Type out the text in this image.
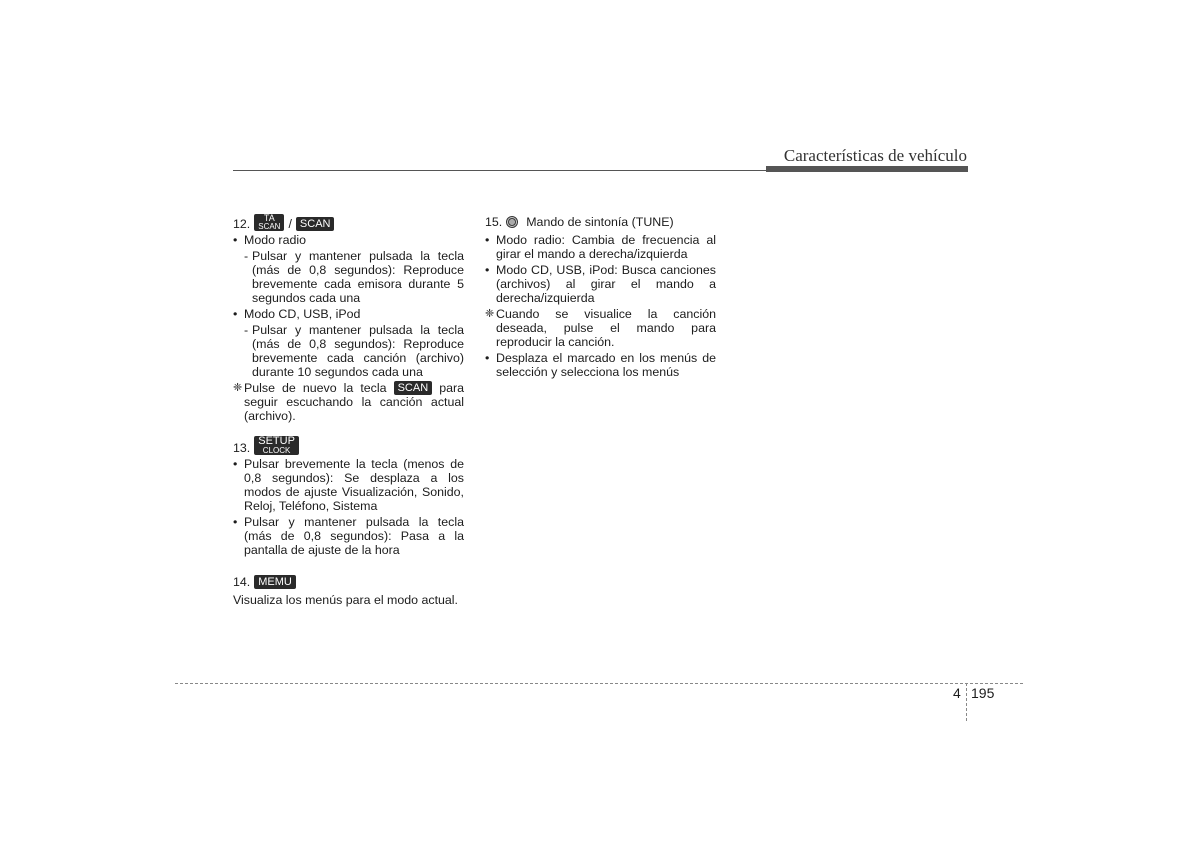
Características de vehículo
12.	TA
SCAN / SCAN
• Modo radio
- Pulsar y mantener pulsada la tecla (más de 0,8 segundos): Reproduce brevemente cada emisora durante 5 segundos cada una
• Modo CD, USB, iPod
- Pulsar y mantener pulsada la tecla (más de 0,8 segundos): Reproduce brevemente cada canción (archivo) durante 10 segundos cada una
❈ Pulse de nuevo la tecla SCAN para seguir escuchando la canción actual (archivo).
13. SETUP
CLOCK
• Pulsar brevemente la tecla (menos de 0,8 segundos): Se desplaza a los modos de ajuste Visualización, Sonido, Reloj, Teléfono, Sistema
• Pulsar y mantener pulsada la tecla (más de 0,8 segundos): Pasa a la pantalla de ajuste de la hora
14. MEMU
Visualiza los menús para el modo actual.
15. Mando de sintonía (TUNE)
• Modo radio: Cambia de frecuencia al girar el mando a derecha/izquierda
• Modo CD, USB, iPod: Busca canciones (archivos) al girar el mando a derecha/izquierda
❈ Cuando se visualice la canción deseada, pulse el mando para reproducir la canción.
• Desplaza el marcado en los menús de selección y selecciona los menús
4 195
